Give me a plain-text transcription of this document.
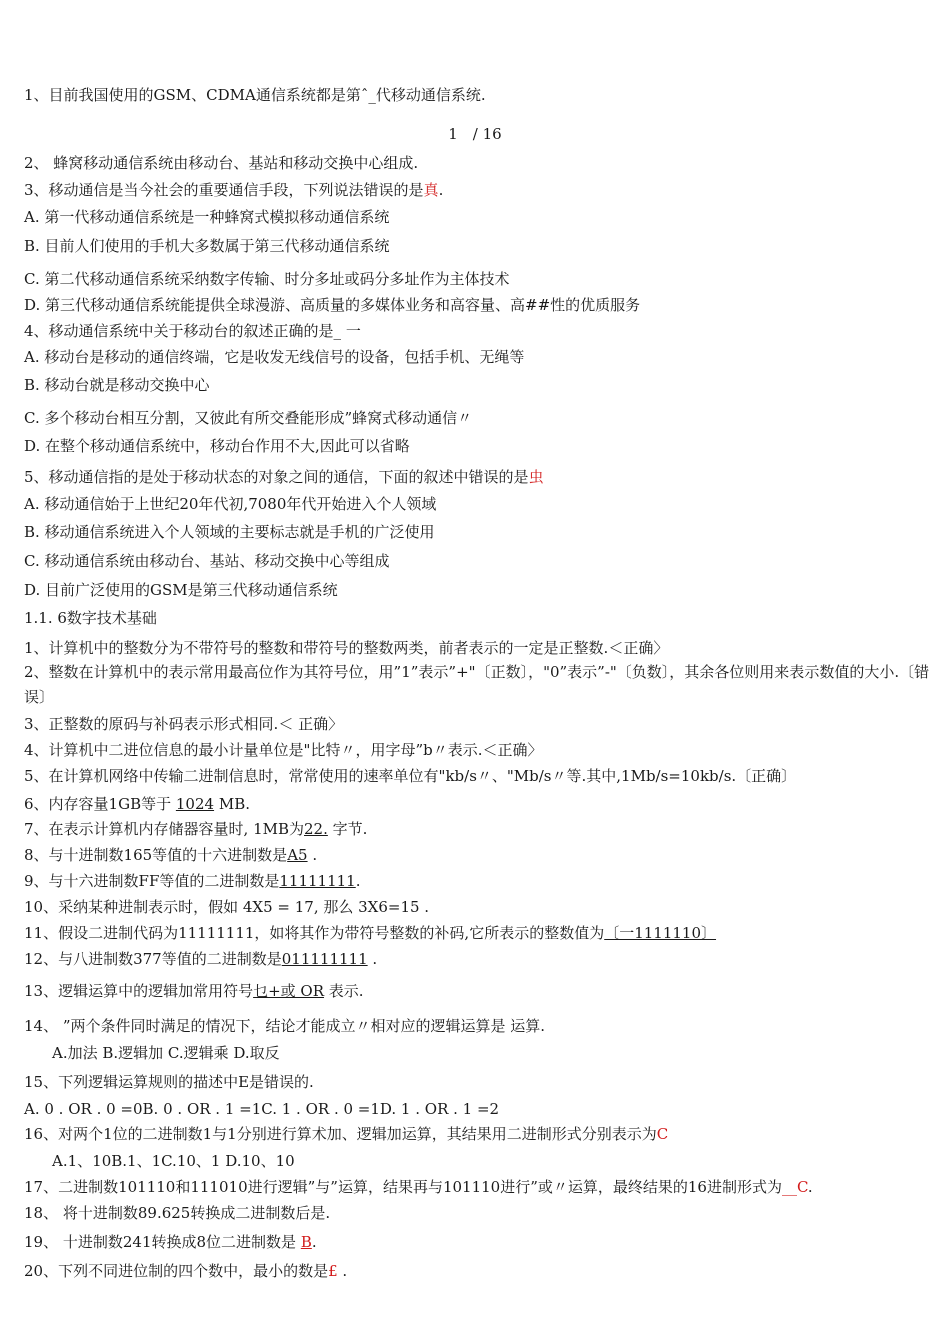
1、目前我国使用的GSM、CDMA通信系统都是第ˆ_代移动通信系统.
1　/ 16
2、 蜂窝移动通信系统由移动台、基站和移动交换中心组成.
3、移动通信是当今社会的重要通信手段，下列说法错误的是真.
A. 第一代移动通信系统是一种蜂窝式模拟移动通信系统
B. 目前人们使用的手机大多数属于第三代移动通信系统
C. 第二代移动通信系统采纳数字传输、时分多址或码分多址作为主体技术
D. 第三代移动通信系统能提供全球漫游、高质量的多媒体业务和高容量、高##性的优质服务
4、移动通信系统中关于移动台的叙述正确的是_ 一
A. 移动台是移动的通信终端，它是收发无线信号的设备，包括手机、无绳等
B. 移动台就是移动交换中心
C. 多个移动台相互分割，又彼此有所交叠能形成”蜂窝式移动通信〃
D. 在整个移动通信系统中，移动台作用不大,因此可以省略
5、移动通信指的是处于移动状态的对象之间的通信，下面的叙述中错误的是虫
A. 移动通信始于上世纪20年代初,7080年代开始进入个人领域
B. 移动通信系统进入个人领域的主要标志就是手机的广泛使用
C. 移动通信系统由移动台、基站、移动交换中心等组成
D. 目前广泛使用的GSM是第三代移动通信系统
1.1. 6数字技术基础
1、计算机中的整数分为不带符号的整数和带符号的整数两类，前者表示的一定是正整数.＜正确〉
2、整数在计算机中的表示常用最高位作为其符号位，用”1”表示”+"〔正数〕，"0”表示”-"〔负数〕，其余各位则用来表示数值的大小.〔错误〕
3、正整数的原码与补码表示形式相同.＜ 正确〉
4、计算机中二进位信息的最小计量单位是"比特〃，用字母”b〃表示.＜正确〉
5、在计算机网络中传输二进制信息时，常常使用的速率单位有"kb/s〃、"Mb/s〃等.其中,1Mb/s=10kb/s.〔正确〕
6、内存容量1GB等于 1024 MB.
7、在表示计算机内存储器容量时, 1MB为22. 字节.
8、与十进制数165等值的十六进制数是A5 .
9、与十六进制数FF等值的二进制数是11111111.
10、采纳某种进制表示时，假如 4X5 = 17, 那么 3X6=15 .
11、假设二进制代码为11111111，如将其作为带符号整数的补码,它所表示的整数值为〔一1111110〕
12、与八进制数377等值的二进制数是011111111 .
13、逻辑运算中的逻辑加常用符号乜+或 OR 表示.
14、 ”两个条件同时满足的情况下，结论才能成立〃相对应的逻辑运算是 运算.
A.加法 B.逻辑加 C.逻辑乘 D.取反
15、下列逻辑运算规则的描述中E是错误的.
A. 0 . OR . 0 =0B. 0 . OR . 1 =1C. 1 . OR . 0 =1D. 1 . OR . 1 =2
16、对两个1位的二进制数1与1分别进行算术加、逻辑加运算，其结果用二进制形式分别表示为C
A.1、10B.1、1C.10、1 D.10、10
17、二进制数101110和111010进行逻辑”与”运算，结果再与101110进行”或〃运算，最终结果的16进制形式为__C.
18、 将十进制数89.625转换成二进制数后是.
19、 十进制数241转换成8位二进制数是 B.
20、下列不同进位制的四个数中，最小的数是£ .
